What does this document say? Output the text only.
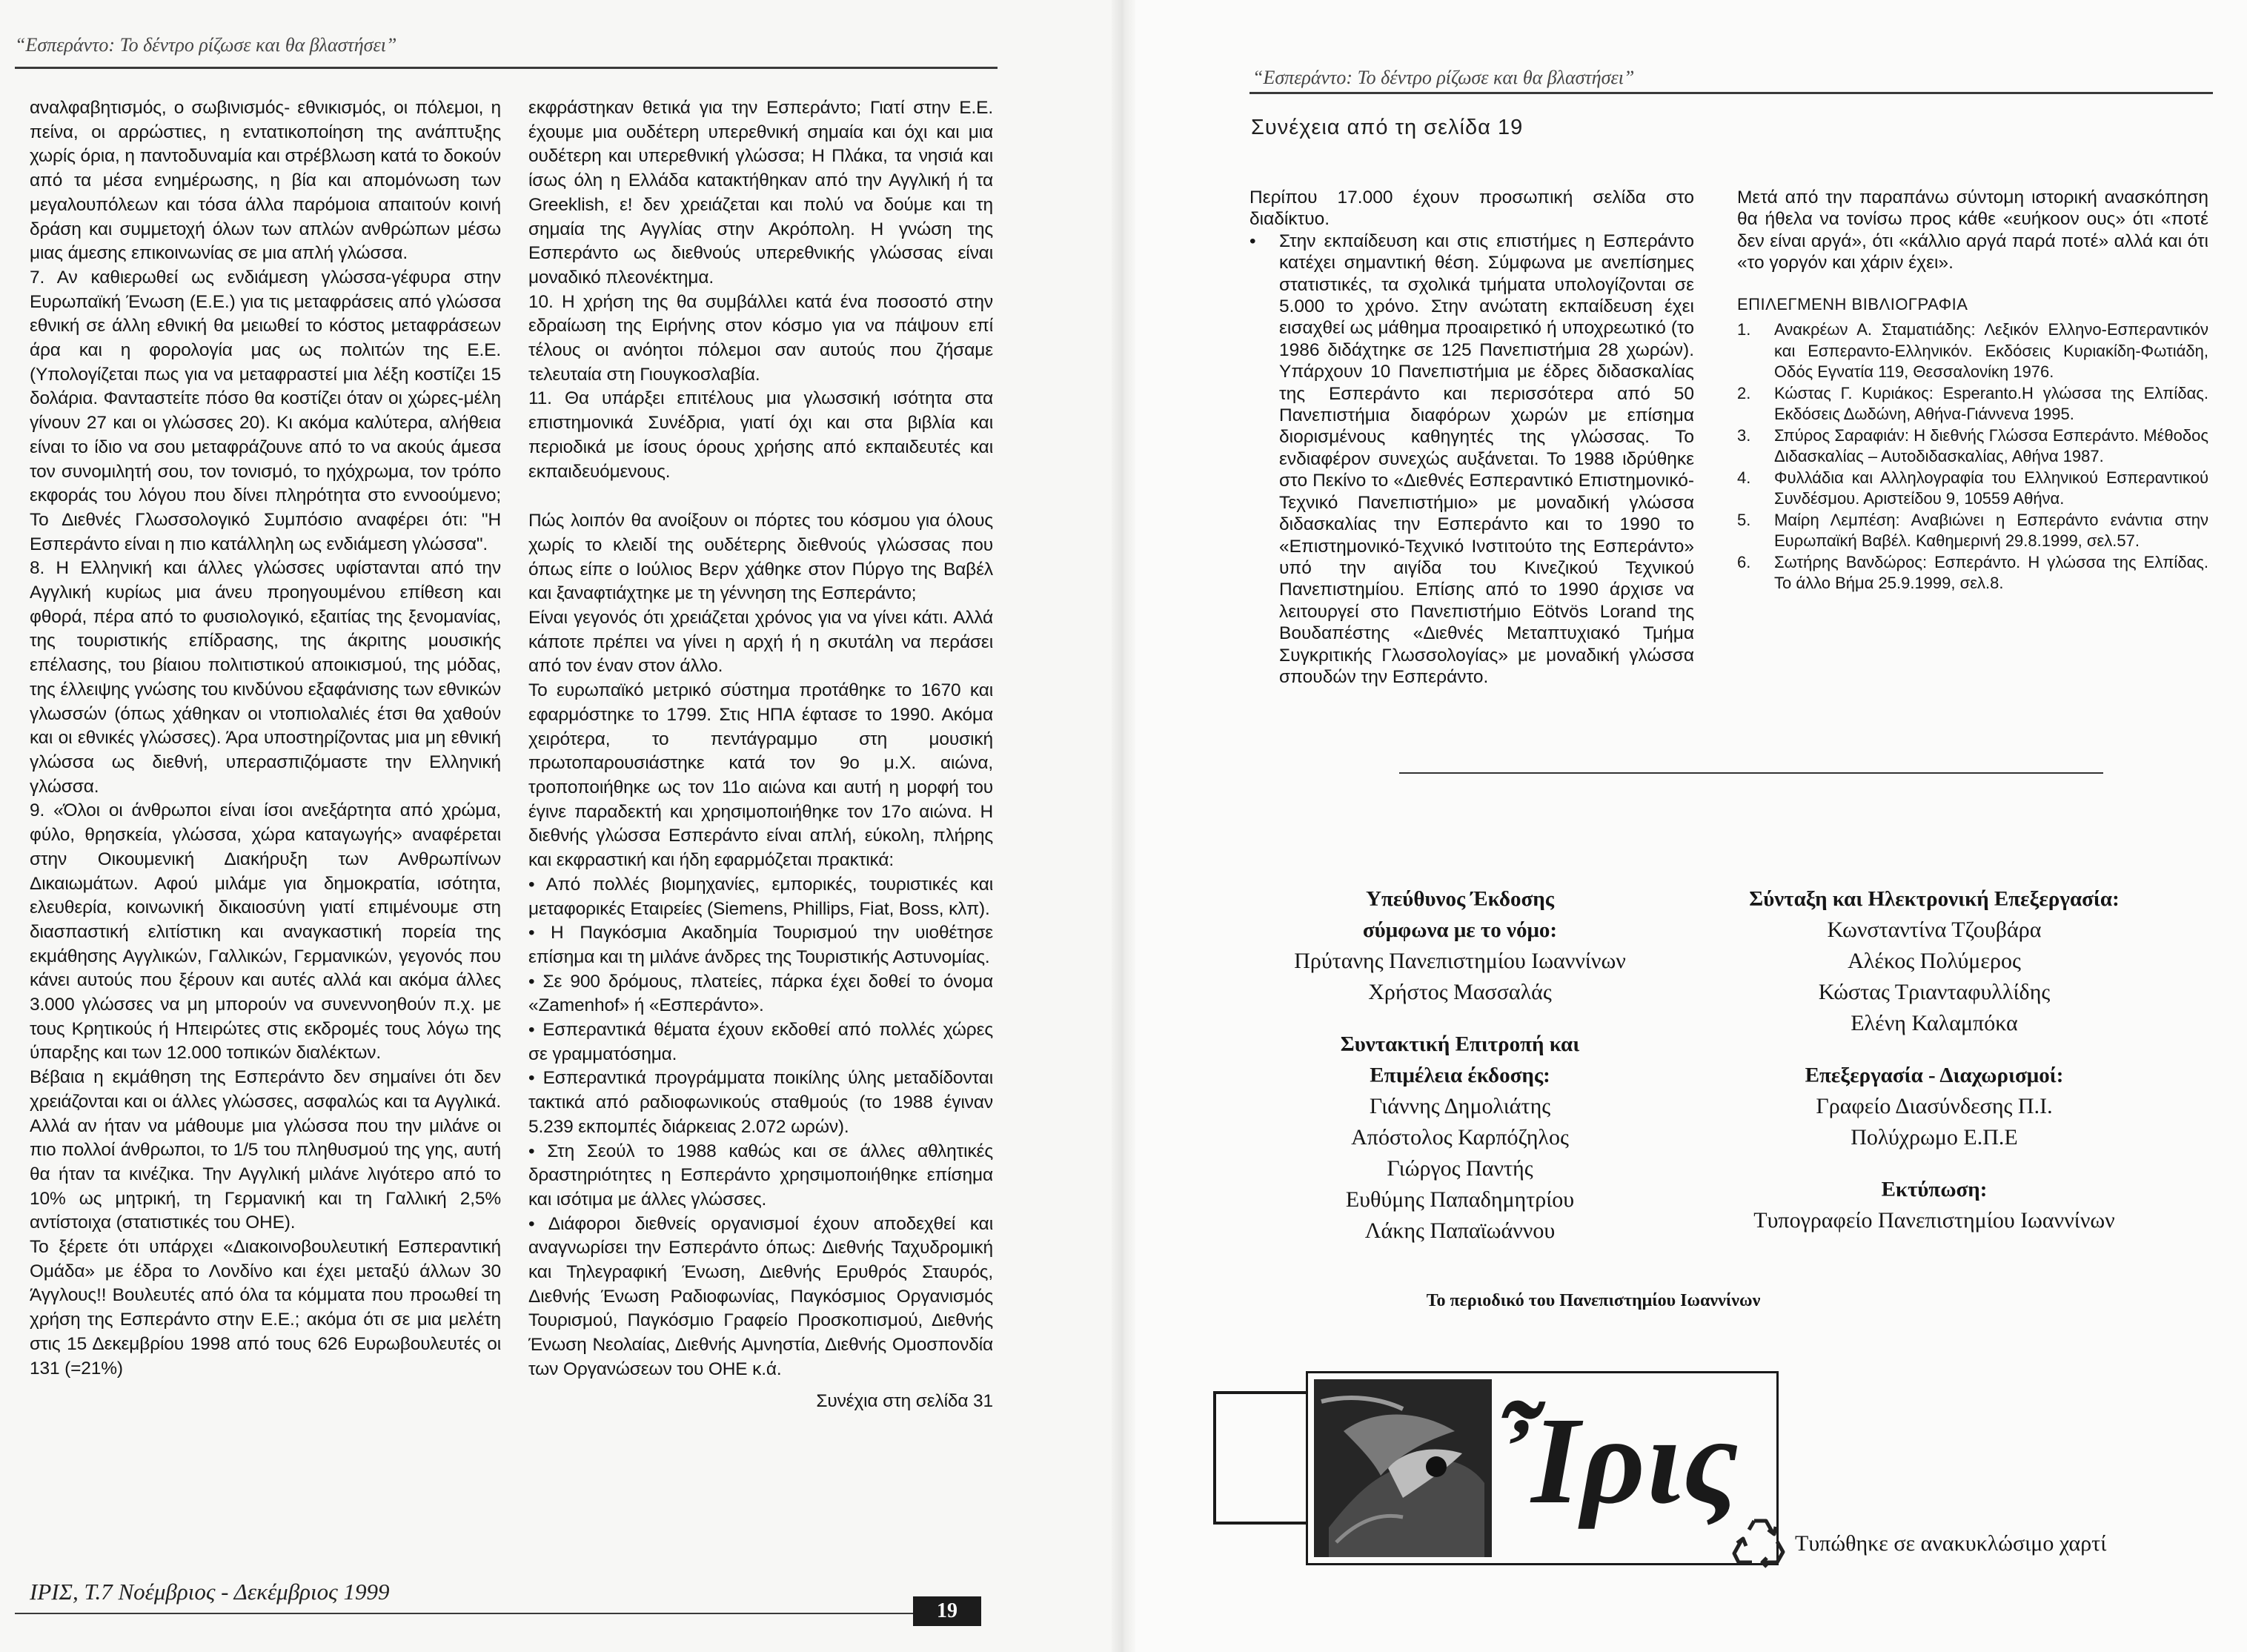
“Εσπεράντο: Το δέντρο ρίζωσε και θα βλαστήσει”

αναλφαβητισμός, ο σωβινισμός- εθνικισμός, οι πόλεμοι, η πείνα, οι αρρώστιες, η εντατικοποίηση της ανάπτυξης χωρίς όρια, η παντοδυναμία και στρέβλωση κατά το δοκούν από τα μέσα ενημέρωσης, η βία και απομόνωση των μεγαλουπόλεων και τόσα άλλα παρόμοια απαιτούν κοινή δράση και συμμετοχή όλων των απλών ανθρώπων μέσω μιας άμεσης επικοινωνίας σε μια απλή γλώσσα.

7. Αν καθιερωθεί ως ενδιάμεση γλώσσα-γέφυρα στην Ευρωπαϊκή Ένωση (Ε.Ε.) για τις μεταφράσεις από γλώσσα εθνική σε άλλη εθνική θα μειωθεί το κόστος μεταφράσεων άρα και η φορολογία μας ως πολιτών της Ε.Ε. (Υπολογίζεται πως για να μεταφραστεί μια λέξη κοστίζει 15 δολάρια. Φανταστείτε πόσο θα κοστίζει όταν οι χώρες-μέλη γίνουν 27 και οι γλώσσες 20). Κι ακόμα καλύτερα, αλήθεια είναι το ίδιο να σου μεταφράζουνε από το να ακούς άμεσα τον συνομιλητή σου, τον τονισμό, το ηχόχρωμα, τον τρόπο εκφοράς του λόγου που δίνει πληρότητα στο εννοούμενο; Το Διεθνές Γλωσσολογικό Συμπόσιο αναφέρει ότι: "Η Εσπεράντο είναι η πιο κατάλληλη ως ενδιάμεση γλώσσα".

8. Η Ελληνική και άλλες γλώσσες υφίστανται από την Αγγλική κυρίως μια άνευ προηγουμένου επίθεση και φθορά, πέρα από το φυσιολογικό, εξαιτίας της ξενομανίας, της τουριστικής επίδρασης, της άκριτης μουσικής επέλασης, του βίαιου πολιτιστικού αποικισμού, της μόδας, της έλλειψης γνώσης του κινδύνου εξαφάνισης των εθνικών γλωσσών (όπως χάθηκαν οι ντοπιολαλιές έτσι θα χαθούν και οι εθνικές γλώσσες). Άρα υποστηρίζοντας μια μη εθνική γλώσσα ως διεθνή, υπερασπιζόμαστε την Ελληνική γλώσσα.

9. «Όλοι οι άνθρωποι είναι ίσοι ανεξάρτητα από χρώμα, φύλο, θρησκεία, γλώσσα, χώρα καταγωγής» αναφέρεται στην Οικουμενική Διακήρυξη των Ανθρωπίνων Δικαιωμάτων. Αφού μιλάμε για δημοκρατία, ισότητα, ελευθερία, κοινωνική δικαιοσύνη γιατί επιμένουμε στη διασπαστική ελιτίστικη και αναγκαστική πορεία της εκμάθησης Αγγλικών, Γαλλικών, Γερμανικών, γεγονός που κάνει αυτούς που ξέρουν και αυτές αλλά και ακόμα άλλες 3.000 γλώσσες να μη μπορούν να συνεννοηθούν π.χ. με τους Κρητικούς ή Ηπειρώτες στις εκδρομές τους λόγω της ύπαρξης και των 12.000 τοπικών διαλέκτων.

Βέβαια η εκμάθηση της Εσπεράντο δεν σημαίνει ότι δεν χρειάζονται και οι άλλες γλώσσες, ασφαλώς και τα Αγγλικά. Αλλά αν ήταν να μάθουμε μια γλώσσα που την μιλάνε οι πιο πολλοί άνθρωποι, το 1/5 του πληθυσμού της γης, αυτή θα ήταν τα κινέζικα. Την Αγγλική μιλάνε λιγότερο από το 10% ως μητρική, τη Γερμανική και τη Γαλλική 2,5% αντίστοιχα (στατιστικές του ΟΗΕ).

Το ξέρετε ότι υπάρχει «Διακοινοβουλευτική Εσπεραντική Ομάδα» με έδρα το Λονδίνο και έχει μεταξύ άλλων 30 Άγγλους!! Βουλευτές από όλα τα κόμματα που προωθεί τη χρήση της Εσπεράντο στην Ε.Ε.; ακόμα ότι σε μια μελέτη στις 15 Δεκεμβρίου 1998 από τους 626 Ευρωβουλευτές οι 131 (=21%)

εκφράστηκαν θετικά για την Εσπεράντο; Γιατί στην Ε.Ε. έχουμε μια ουδέτερη υπερεθνική σημαία και όχι και μια ουδέτερη και υπερεθνική γλώσσα; Η Πλάκα, τα νησιά και ίσως όλη η Ελλάδα κατακτήθηκαν από την Αγγλική ή τα Greeklish, ε! δεν χρειάζεται και πολύ να δούμε και τη σημαία της Αγγλίας στην Ακρόπολη. Η γνώση της Εσπεράντο ως διεθνούς υπερεθνικής γλώσσας είναι μοναδικό πλεονέκτημα.

10. Η χρήση της θα συμβάλλει κατά ένα ποσοστό στην εδραίωση της Ειρήνης στον κόσμο για να πάψουν επί τέλους οι ανόητοι πόλεμοι σαν αυτούς που ζήσαμε τελευταία στη Γιουγκοσλαβία.

11. Θα υπάρξει επιτέλους μια γλωσσική ισότητα στα επιστημονικά Συνέδρια, γιατί όχι και στα βιβλία και περιοδικά με ίσους όρους χρήσης από εκπαιδευτές και εκπαιδευόμενους.

Πώς λοιπόν θα ανοίξουν οι πόρτες του κόσμου για όλους χωρίς το κλειδί της ουδέτερης διεθνούς γλώσσας που όπως είπε ο Ιούλιος Βερν χάθηκε στον Πύργο της Βαβέλ και ξαναφτιάχτηκε με τη γέννηση της Εσπεράντο;

Είναι γεγονός ότι χρειάζεται χρόνος για να γίνει κάτι. Αλλά κάποτε πρέπει να γίνει η αρχή ή η σκυτάλη να περάσει από τον έναν στον άλλο.

Το ευρωπαϊκό μετρικό σύστημα προτάθηκε το 1670 και εφαρμόστηκε το 1799. Στις ΗΠΑ έφτασε το 1990. Ακόμα χειρότερα, το πεντάγραμμο στη μουσική πρωτοπαρουσιάστηκε κατά τον 9ο μ.Χ. αιώνα, τροποποιήθηκε ως τον 11ο αιώνα και αυτή η μορφή του έγινε παραδεκτή και χρησιμοποιήθηκε τον 17ο αιώνα. Η διεθνής γλώσσα Εσπεράντο είναι απλή, εύκολη, πλήρης και εκφραστική και ήδη εφαρμόζεται πρακτικά:

• Από πολλές βιομηχανίες, εμπορικές, τουριστικές και μεταφορικές Εταιρείες (Siemens, Phillips, Fiat, Boss, κλπ).

• Η Παγκόσμια Ακαδημία Τουρισμού την υιοθέτησε επίσημα και τη μιλάνε άνδρες της Τουριστικής Αστυνομίας.

• Σε 900 δρόμους, πλατείες, πάρκα έχει δοθεί το όνομα «Zamenhof» ή «Εσπεράντο».

• Εσπεραντικά θέματα έχουν εκδοθεί από πολλές χώρες σε γραμματόσημα.

• Εσπεραντικά προγράμματα ποικίλης ύλης μεταδίδονται τακτικά από ραδιοφωνικούς σταθμούς (το 1988 έγιναν 5.239 εκπομπές διάρκειας 2.072 ωρών).

• Στη Σεούλ το 1988 καθώς και σε άλλες αθλητικές δραστηριότητες η Εσπεράντο χρησιμοποιήθηκε επίσημα και ισότιμα με άλλες γλώσσες.

• Διάφοροι διεθνείς οργανισμοί έχουν αποδεχθεί και αναγνωρίσει την Εσπεράντο όπως: Διεθνής Ταχυδρομική και Τηλεγραφική Ένωση, Διεθνής Ερυθρός Σταυρός, Διεθνής Ένωση Ραδιοφωνίας, Παγκόσμιος Οργανισμός Τουρισμού, Παγκόσμιο Γραφείο Προσκοπισμού, Διεθνής Ένωση Νεολαίας, Διεθνής Αμνηστία, Διεθνής Ομοσπονδία των Οργανώσεων του ΟΗΕ κ.ά.

Συνέχια στη σελίδα 31

ΙΡΙΣ, Τ.7 Νοέμβριος - Δεκέμβριος 1999
19
“Εσπεράντο: Το δέντρο ρίζωσε και θα βλαστήσει”
Συνέχεια από τη σελίδα 19

Περίπου 17.000 έχουν προσωπική σελίδα στο διαδίκτυο.

• Στην εκπαίδευση και στις επιστήμες η Εσπεράντο κατέχει σημαντική θέση. Σύμφωνα με ανεπίσημες στατιστικές, τα σχολικά τμήματα υπολογίζονται σε 5.000 το χρόνο. Στην ανώτατη εκπαίδευση έχει εισαχθεί ως μάθημα προαιρετικό ή υποχρεωτικό (το 1986 διδάχτηκε σε 125 Πανεπιστήμια 28 χωρών). Υπάρχουν 10 Πανεπιστήμια με έδρες διδασκαλίας της Εσπεράντο και περισσότερα από 50 Πανεπιστήμια διαφόρων χωρών με επίσημα διορισμένους καθηγητές της γλώσσας. Το ενδιαφέρον συνεχώς αυξάνεται. Το 1988 ιδρύθηκε στο Πεκίνο το «Διεθνές Εσπεραντικό Επιστημονικό-Τεχνικό Πανεπιστήμιο» με μοναδική γλώσσα διδασκαλίας την Εσπεράντο και το 1990 το «Επιστημονικό-Τεχνικό Ινστιτούτο της Εσπεράντο» υπό την αιγίδα του Κινεζικού Τεχνικού Πανεπιστημίου. Επίσης από το 1990 άρχισε να λειτουργεί στο Πανεπιστήμιο Eötvös Lorand της Βουδαπέστης «Διεθνές Μεταπτυχιακό Τμήμα Συγκριτικής Γλωσσολογίας» με μοναδική γλώσσα σπουδών την Εσπεράντο.

Μετά από την παραπάνω σύντομη ιστορική ανασκόπηση θα ήθελα να τονίσω προς κάθε «ευήκοον ους» ότι «ποτέ δεν είναι αργά», ότι «κάλλιο αργά παρά ποτέ» αλλά και ότι «το γοργόν και χάριν έχει».

ΕΠΙΛΕΓΜΕΝΗ ΒΙΒΛΙΟΓΡΑΦΙΑ
1.	Ανακρέων Α. Σταματιάδης: Λεξικόν Ελληνο-Εσπεραντικόν και Εσπεραντο-Ελληνικόν. Εκδόσεις Κυριακίδη-Φωτιάδη, Οδός Εγνατία 119, Θεσσαλονίκη 1976.
2.	Κώστας Γ. Κυριάκος: Esperanto.Η γλώσσα της Ελπίδας. Εκδόσεις Δωδώνη, Αθήνα-Γιάννενα 1995.
3.	Σπύρος Σαραφιάν: Η διεθνής Γλώσσα Εσπεράντο. Μέθοδος Διδασκαλίας – Αυτοδιδασκαλίας, Αθήνα 1987.
4.	Φυλλάδια και Αλληλογραφία του Ελληνικού Εσπεραντικού Συνδέσμου. Αριστείδου 9, 10559 Αθήνα.
5.	Μαίρη Λεμπέση: Αναβιώνει η Εσπεράντο ενάντια στην Ευρωπαϊκή Βαβέλ. Καθημερινή 29.8.1999, σελ.57.
6.	Σωτήρης Βανδώρος: Εσπεράντο. Η γλώσσα της Ελπίδας. Το άλλο Βήμα 25.9.1999, σελ.8.
Υπεύθυνος Έκδοσης
σύμφωνα με το νόμο:
Πρύτανης Πανεπιστημίου Ιωαννίνων
Χρήστος Μασσαλάς
Συντακτική Επιτροπή και
Επιμέλεια έκδοσης:
Γιάννης Δημολιάτης
Απόστολος Καρπόζηλος
Γιώργος Παντής
Ευθύμης Παπαδημητρίου
Λάκης Παπαϊωάννου
Σύνταξη και Ηλεκτρονική Επεξεργασία:
Κωνσταντίνα Τζουβάρα
Αλέκος Πολύμερος
Κώστας Τριανταφυλλίδης
Ελένη Καλαμπόκα
Επεξεργασία - Διαχωρισμοί:
Γραφείο Διασύνδεσης Π.Ι.
Πολύχρωμο Ε.Π.Ε
Εκτύπωση:
Τυπογραφείο Πανεπιστημίου Ιωαννίνων
Το περιοδικό του Πανεπιστημίου Ιωαννίνων
Ἶρις
Τυπώθηκε σε ανακυκλώσιμο χαρτί
